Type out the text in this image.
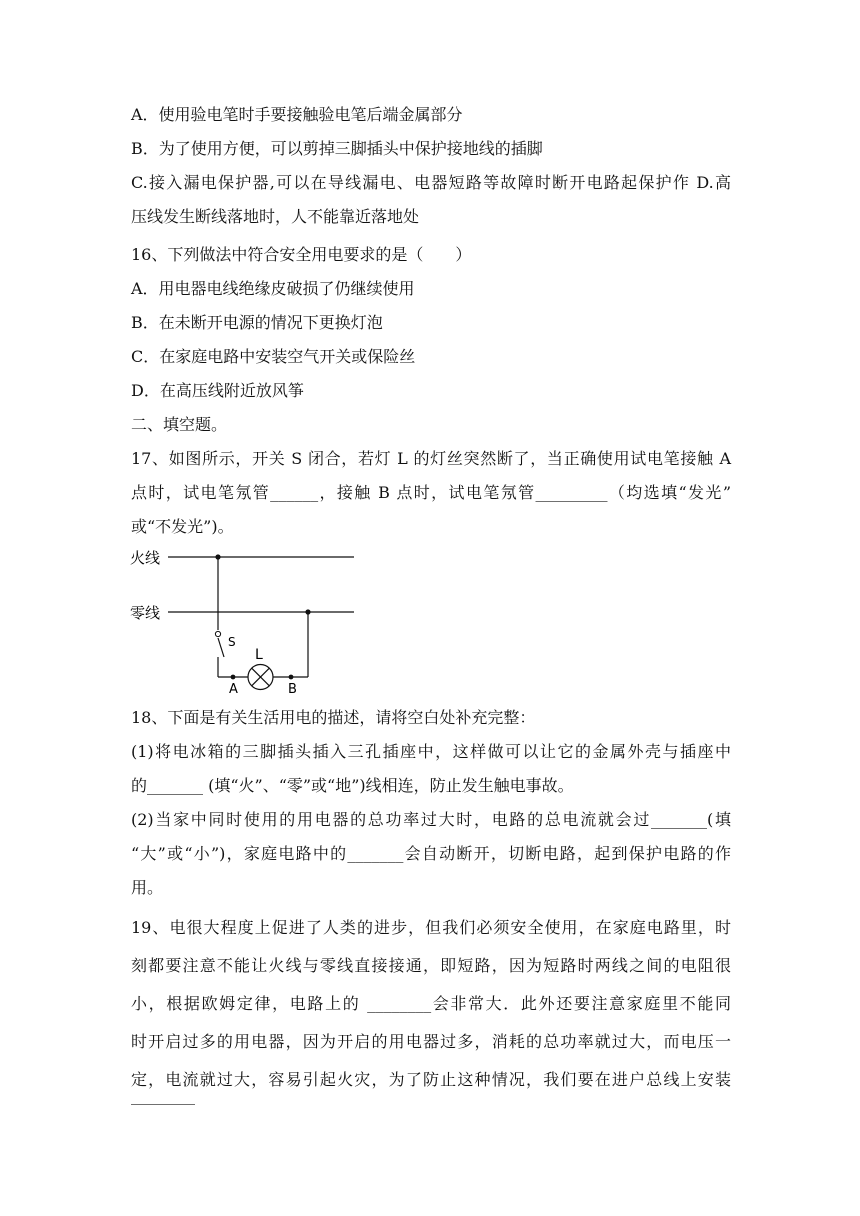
A．使用验电笔时手要接触验电笔后端金属部分
B．为了使用方便，可以剪掉三脚插头中保护接地线的插脚
C.接入漏电保护器,可以在导线漏电、电器短路等故障时断开电路起保护作 D.高
压线发生断线落地时，人不能靠近落地处
16、下列做法中符合安全用电要求的是（　　）
A．用电器电线绝缘皮破损了仍继续使用
B．在未断开电源的情况下更换灯泡
C．在家庭电路中安装空气开关或保险丝
D．在高压线附近放风筝
二、填空题。
17、如图所示，开关 S 闭合，若灯 L 的灯丝突然断了，当正确使用试电笔接触 A
点时，试电笔氖管______，接触 B 点时，试电笔氖管_________（均选填“发光”
或“不发光”)。
火线
零线
S
L
A	B
18、下面是有关生活用电的描述，请将空白处补充完整：
(1)将电冰箱的三脚插头插入三孔插座中，这样做可以让它的金属外壳与插座中
的_______ (填“火”、“零”或“地”)线相连，防止发生触电事故。
(2)当家中同时使用的用电器的总功率过大时，电路的总电流就会过_______(填
“大”或“小”)，家庭电路中的_______会自动断开，切断电路，起到保护电路的作
用。
19、电很大程度上促进了人类的进步，但我们必须安全使用，在家庭电路里，时
刻都要注意不能让火线与零线直接接通，即短路，因为短路时两线之间的电阻很
小，根据欧姆定律，电路上的 ________会非常大．此外还要注意家庭里不能同
时开启过多的用电器，因为开启的用电器过多，消耗的总功率就过大，而电压一
定，电流就过大，容易引起火灾，为了防止这种情况，我们要在进户总线上安装
________
